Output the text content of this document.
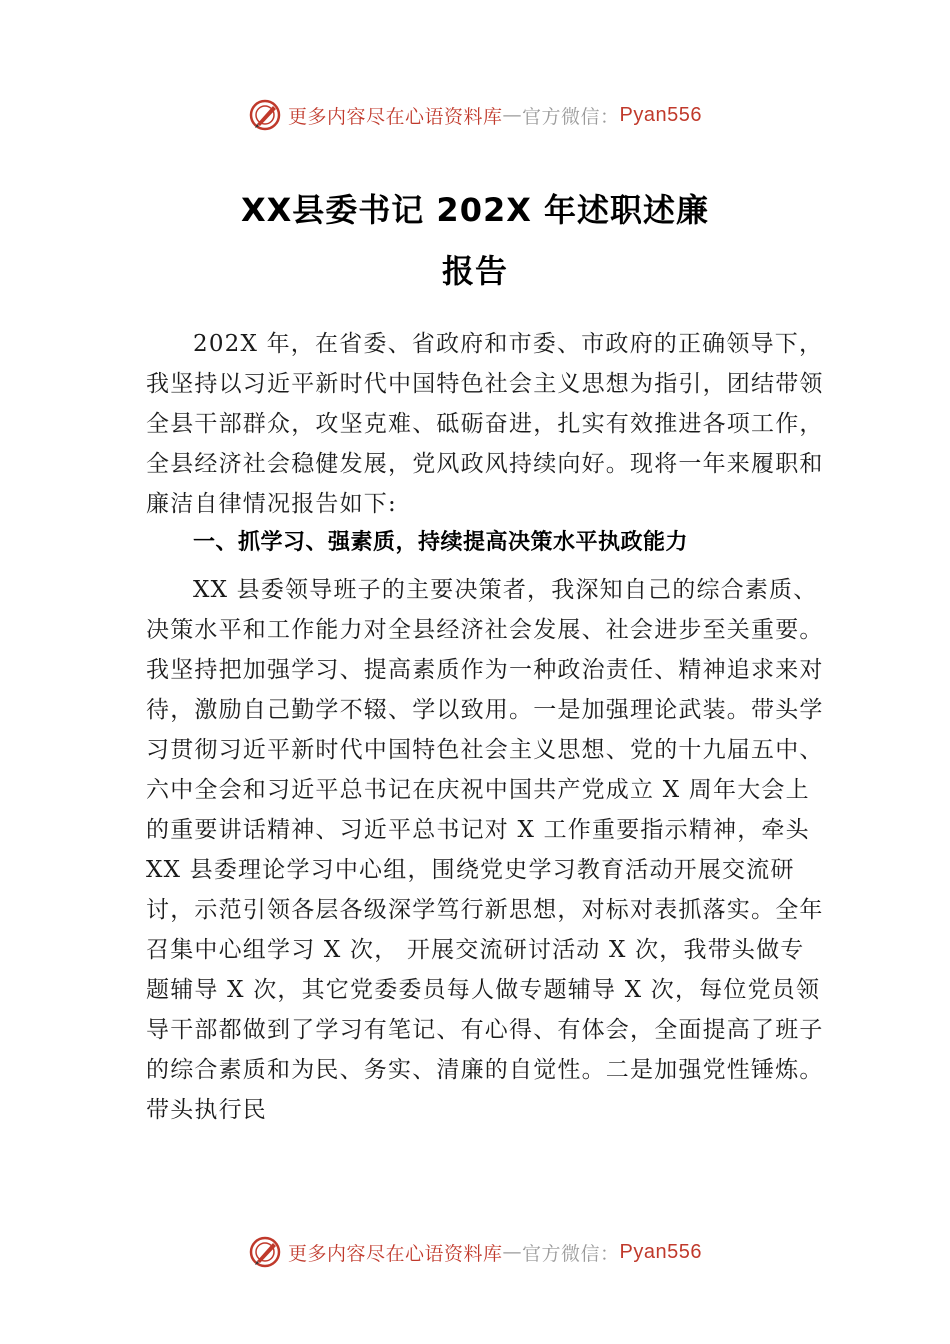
更多内容尽在心语资料库 — 官方微信： Pyan556
XX县委书记 202X 年述职述廉
报告
202X 年，在省委、省政府和市委、市政府的正确领导下，我坚持以习近平新时代中国特色社会主义思想为指引，团结带领全县干部群众，攻坚克难、砥砺奋进，扎实有效推进各项工作，全县经济社会稳健发展，党风政风持续向好。现将一年来履职和廉洁自律情况报告如下:
一、抓学习、强素质，持续提高决策水平执政能力
XX 县委领导班子的主要决策者，我深知自己的综合素质、决策水平和工作能力对全县经济社会发展、社会进步至关重要。我坚持把加强学习、提高素质作为一种政治责任、精神追求来对待，激励自己勤学不辍、学以致用。一是加强理论武装。带头学习贯彻习近平新时代中国特色社会主义思想、党的十九届五中、六中全会和习近平总书记在庆祝中国共产党成立 X 周年大会上的重要讲话精神、习近平总书记对 X 工作重要指示精神，牵头 XX 县委理论学习中心组，围绕党史学习教育活动开展交流研讨，示范引领各层各级深学笃行新思想，对标对表抓落实。全年召集中心组学习 X 次， 开展交流研讨活动 X 次，我带头做专题辅导 X 次，其它党委委员每人做专题辅导 X 次，每位党员领导干部都做到了学习有笔记、有心得、有体会，全面提高了班子的综合素质和为民、务实、清廉的自觉性。二是加强党性锤炼。带头执行民
更多内容尽在心语资料库 — 官方微信： Pyan556
